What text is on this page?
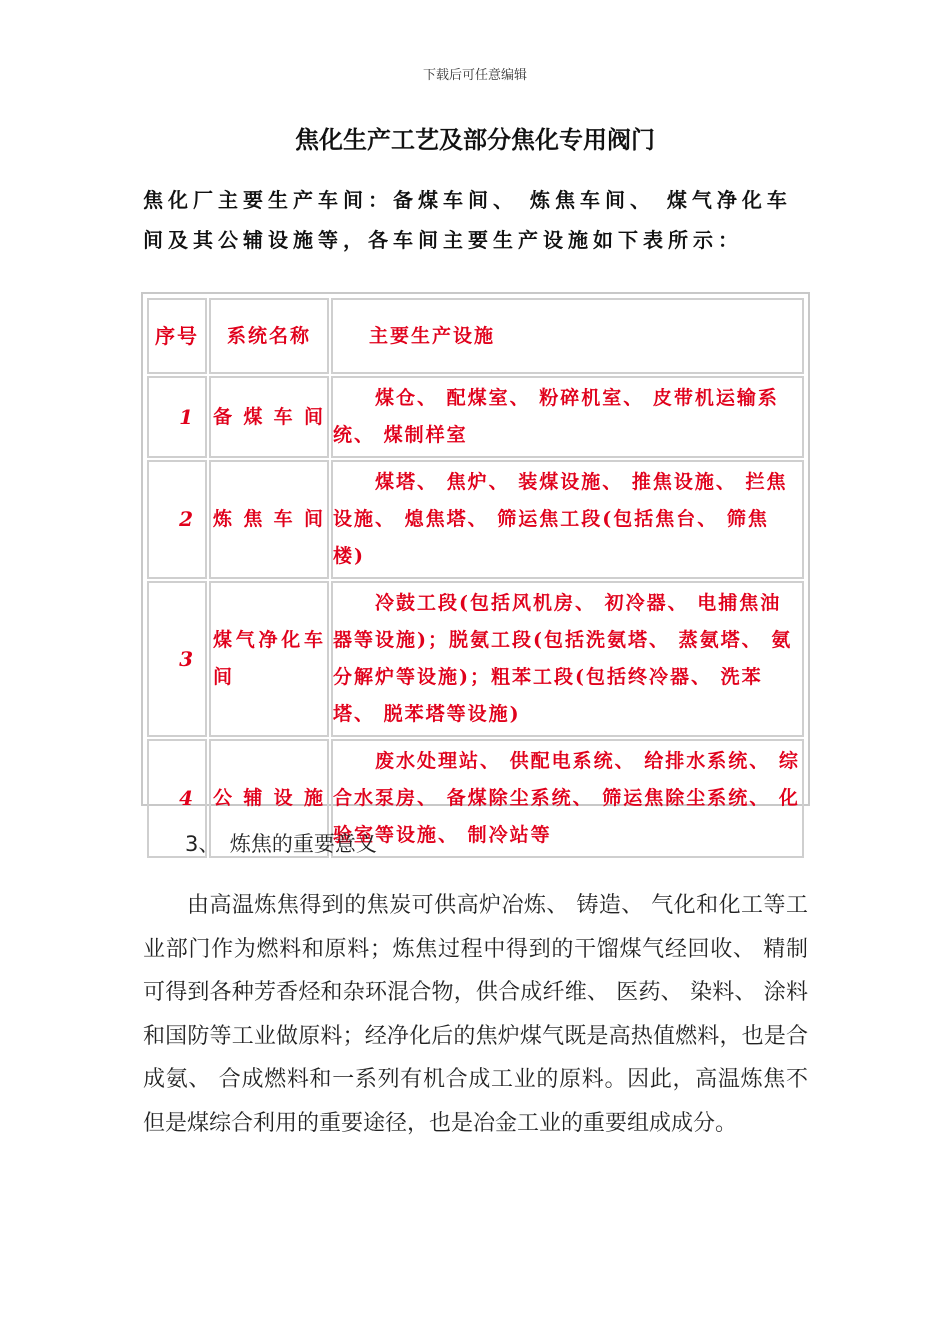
下载后可任意编辑
焦化生产工艺及部分焦化专用阀门
焦化厂主要生产车间：备煤车间、 炼焦车间、 煤气净化车间及其公辅设施等，各车间主要生产设施如下表所示：
序号	系统名称	主要生产设施
1	备煤车间	　　煤仓、 配煤室、 粉碎机室、 皮带机运输系统、 煤制样室
2	炼焦车间	　　煤塔、 焦炉、 装煤设施、 推焦设施、 拦焦设施、 熄焦塔、 筛运焦工段(包括焦台、 筛焦楼)
3	煤气净化车间	　　冷鼓工段(包括风机房、 初冷器、 电捕焦油器等设施)；脱氨工段(包括洗氨塔、 蒸氨塔、 氨分解炉等设施)；粗苯工段(包括终冷器、 洗苯塔、 脱苯塔等设施)
4	公辅设施	　　废水处理站、 供配电系统、 给排水系统、 综合水泵房、 备煤除尘系统、 筛运焦除尘系统、 化验室等设施、 制冷站等
3、　炼焦的重要意义
由高温炼焦得到的焦炭可供高炉冶炼、 铸造、 气化和化工等工业部门作为燃料和原料；炼焦过程中得到的干馏煤气经回收、 精制可得到各种芳香烃和杂环混合物，供合成纤维、 医药、 染料、 涂料和国防等工业做原料；经净化后的焦炉煤气既是高热值燃料，也是合成氨、 合成燃料和一系列有机合成工业的原料。因此，高温炼焦不但是煤综合利用的重要途径，也是冶金工业的重要组成成分。
